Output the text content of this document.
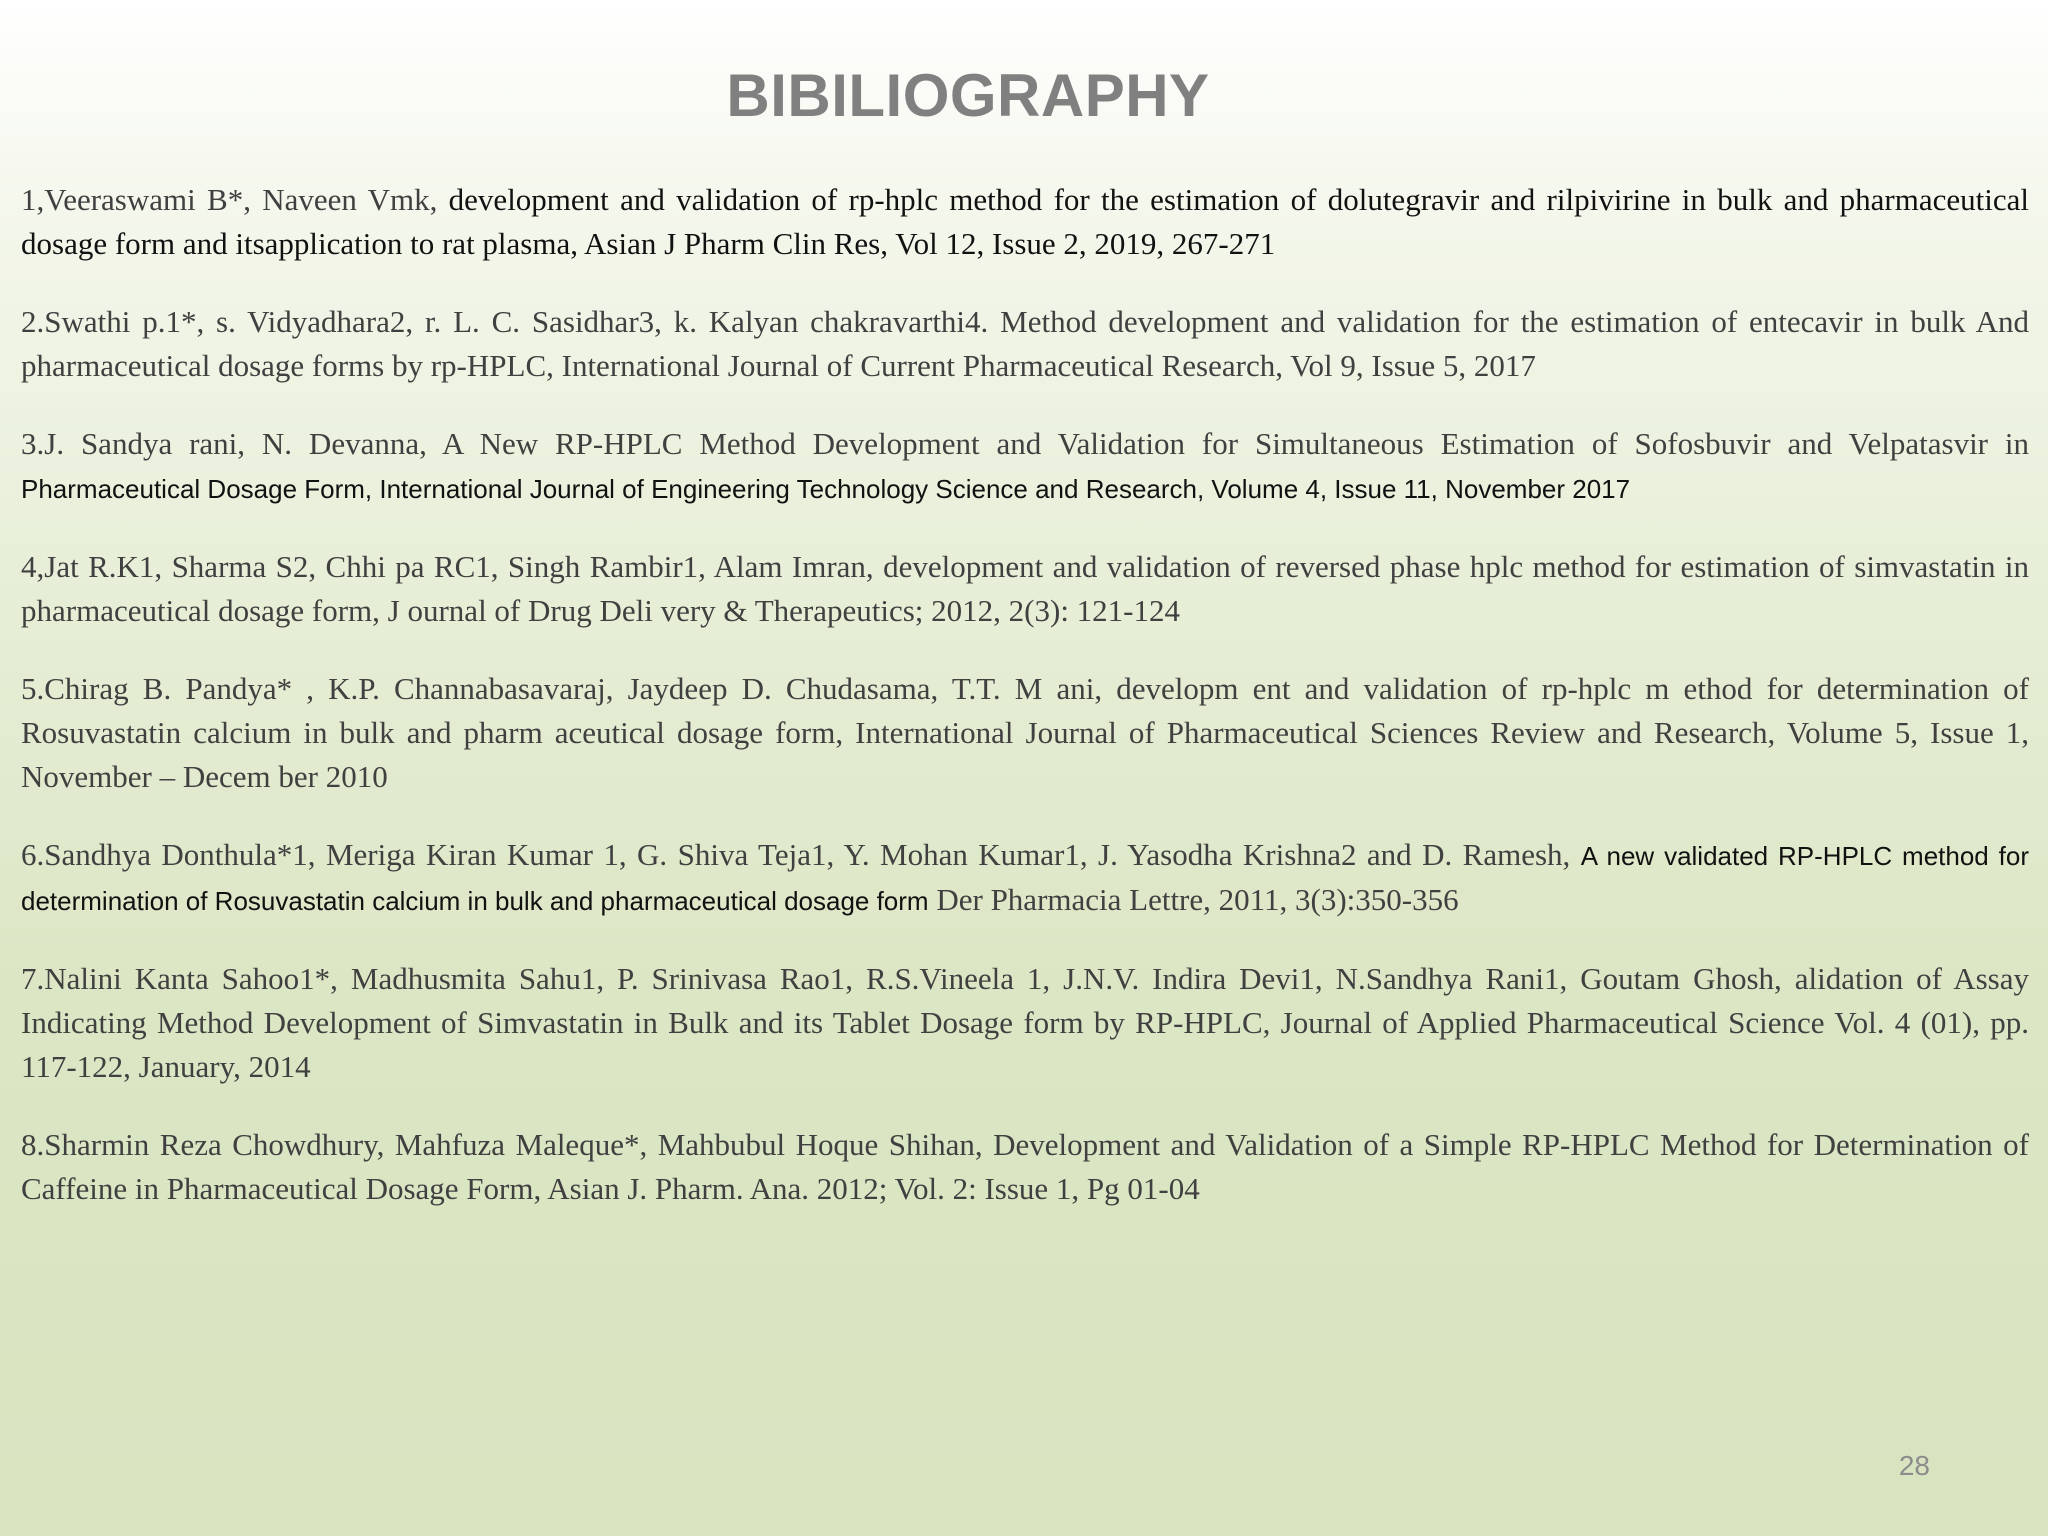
BIBILIOGRAPHY

1,Veeraswami B*, Naveen Vmk, development and validation of rp-hplc method for the estimation of dolutegravir and rilpivirine in bulk and pharmaceutical dosage form and itsapplication to rat plasma, Asian J Pharm Clin Res, Vol 12, Issue 2, 2019, 267-271

2.Swathi p.1*, s. Vidyadhara2, r. L. C. Sasidhar3, k. Kalyan chakravarthi4. Method development and validation for the estimation of entecavir in bulk And pharmaceutical dosage forms by rp-HPLC, International Journal of Current Pharmaceutical Research, Vol 9, Issue 5, 2017

3.J. Sandya rani, N. Devanna, A New RP-HPLC Method Development and Validation for Simultaneous Estimation of Sofosbuvir and Velpatasvir in Pharmaceutical Dosage Form, International Journal of Engineering Technology Science and Research, Volume 4, Issue 11, November 2017

4,Jat R.K1, Sharma S2, Chhi pa RC1, Singh Rambir1, Alam Imran, development and validation of reversed phase hplc method for estimation of simvastatin in pharmaceutical dosage form, J ournal of Drug Deli very & Therapeutics; 2012, 2(3): 121-124

5.Chirag B. Pandya* , K.P. Channabasavaraj, Jaydeep D. Chudasama, T.T. M ani, developm ent and validation of rp-hplc m ethod for determination of Rosuvastatin calcium in bulk and pharm aceutical dosage form, International Journal of Pharmaceutical Sciences Review and Research, Volume 5, Issue 1, November – Decem ber 2010

6.Sandhya Donthula*1, Meriga Kiran Kumar 1, G. Shiva Teja1, Y. Mohan Kumar1, J. Yasodha Krishna2 and D. Ramesh, A new validated RP-HPLC method for determination of Rosuvastatin calcium in bulk and pharmaceutical dosage form Der Pharmacia Lettre, 2011, 3(3):350-356

7.Nalini Kanta Sahoo1*, Madhusmita Sahu1, P. Srinivasa Rao1, R.S.Vineela 1, J.N.V. Indira Devi1, N.Sandhya Rani1, Goutam Ghosh, alidation of Assay Indicating Method Development of Simvastatin in Bulk and its Tablet Dosage form by RP-HPLC, Journal of Applied Pharmaceutical Science Vol. 4 (01), pp. 117-122, January, 2014

8.Sharmin Reza Chowdhury, Mahfuza Maleque*, Mahbubul Hoque Shihan, Development and Validation of a Simple RP-HPLC Method for Determination of Caffeine in Pharmaceutical Dosage Form, Asian J. Pharm. Ana. 2012; Vol. 2: Issue 1, Pg 01-04

28
